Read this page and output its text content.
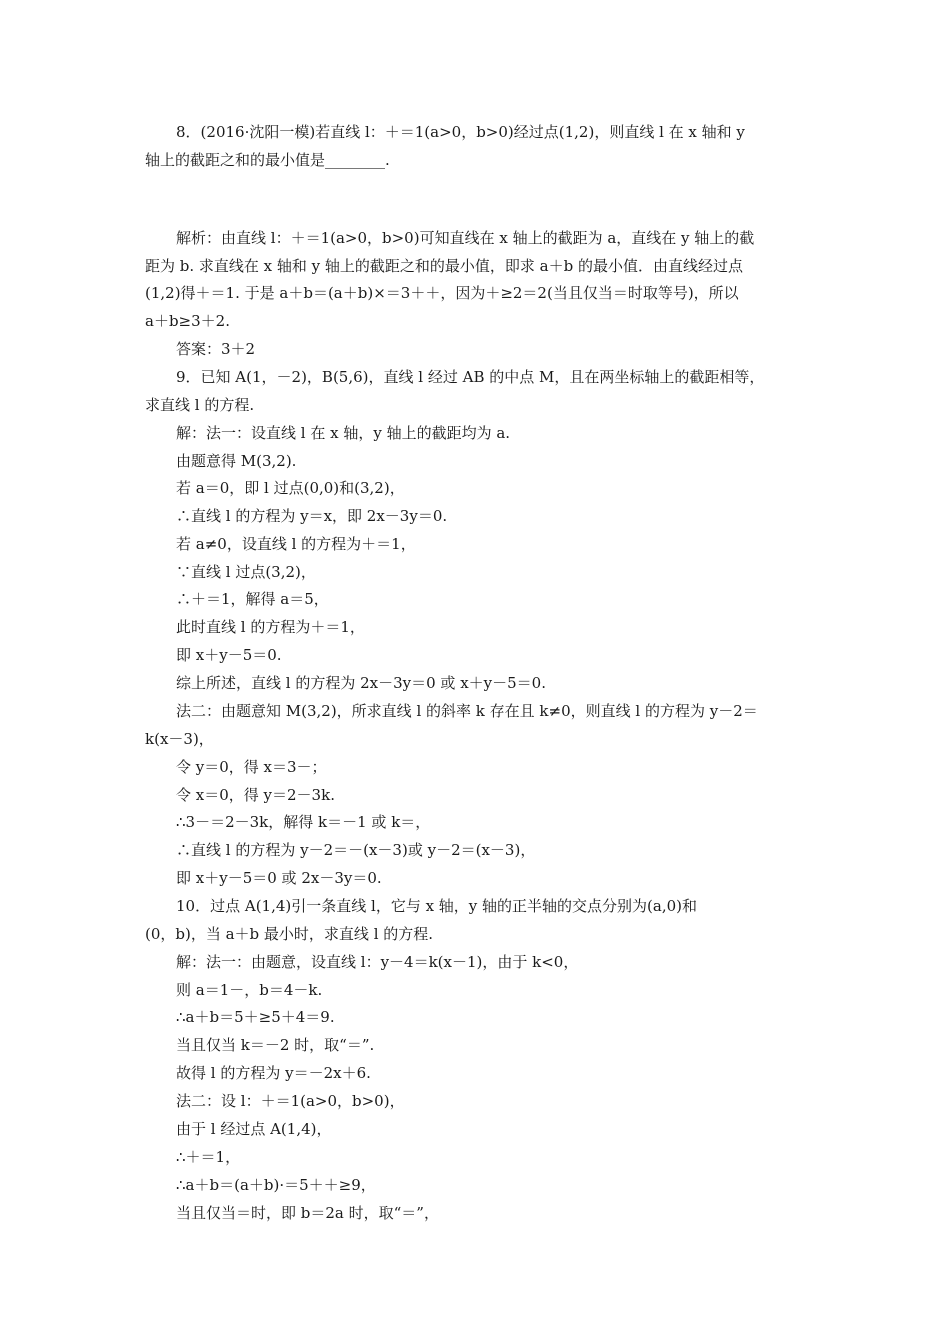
8．(2016·沈阳一模)若直线 l：＋＝1(a>0，b>0)经过点(1,2)，则直线 l 在 x 轴和 y
轴上的截距之和的最小值是________.
解析：由直线 l：＋＝1(a>0，b>0)可知直线在 x 轴上的截距为 a，直线在 y 轴上的截
距为 b. 求直线在 x 轴和 y 轴上的截距之和的最小值，即求 a＋b 的最小值．由直线经过点
(1,2)得＋＝1. 于是 a＋b＝(a＋b)×＝3＋＋，因为＋≥2＝2(当且仅当＝时取等号)，所以
a＋b≥3＋2.
答案：3＋2
9．已知 A(1，－2)，B(5,6)，直线 l 经过 AB 的中点 M，且在两坐标轴上的截距相等，
求直线 l 的方程.
解：法一：设直线 l 在 x 轴，y 轴上的截距均为 a.
由题意得 M(3,2).
若 a＝0，即 l 过点(0,0)和(3,2)，
∴直线 l 的方程为 y＝x，即 2x－3y＝0.
若 a≠0，设直线 l 的方程为＋＝1，
∵直线 l 过点(3,2)，
∴＋＝1，解得 a＝5，
此时直线 l 的方程为＋＝1，
即 x＋y－5＝0.
综上所述，直线 l 的方程为 2x－3y＝0 或 x＋y－5＝0.
法二：由题意知 M(3,2)，所求直线 l 的斜率 k 存在且 k≠0，则直线 l 的方程为 y－2＝
k(x－3)，
令 y＝0，得 x＝3－；
令 x＝0，得 y＝2－3k.
∴3－＝2－3k，解得 k＝－1 或 k＝，
∴直线 l 的方程为 y－2＝－(x－3)或 y－2＝(x－3)，
即 x＋y－5＝0 或 2x－3y＝0.
10．过点 A(1,4)引一条直线 l，它与 x 轴，y 轴的正半轴的交点分别为(a,0)和
(0，b)，当 a＋b 最小时，求直线 l 的方程.
解：法一：由题意，设直线 l：y－4＝k(x－1)，由于 k<0，
则 a＝1－，b＝4－k.
∴a＋b＝5＋≥5＋4＝9.
当且仅当 k＝－2 时，取“＝”.
故得 l 的方程为 y＝－2x＋6.
法二：设 l：＋＝1(a>0，b>0)，
由于 l 经过点 A(1,4)，
∴＋＝1，
∴a＋b＝(a＋b)·＝5＋＋≥9，
当且仅当＝时，即 b＝2a 时，取“＝”，
